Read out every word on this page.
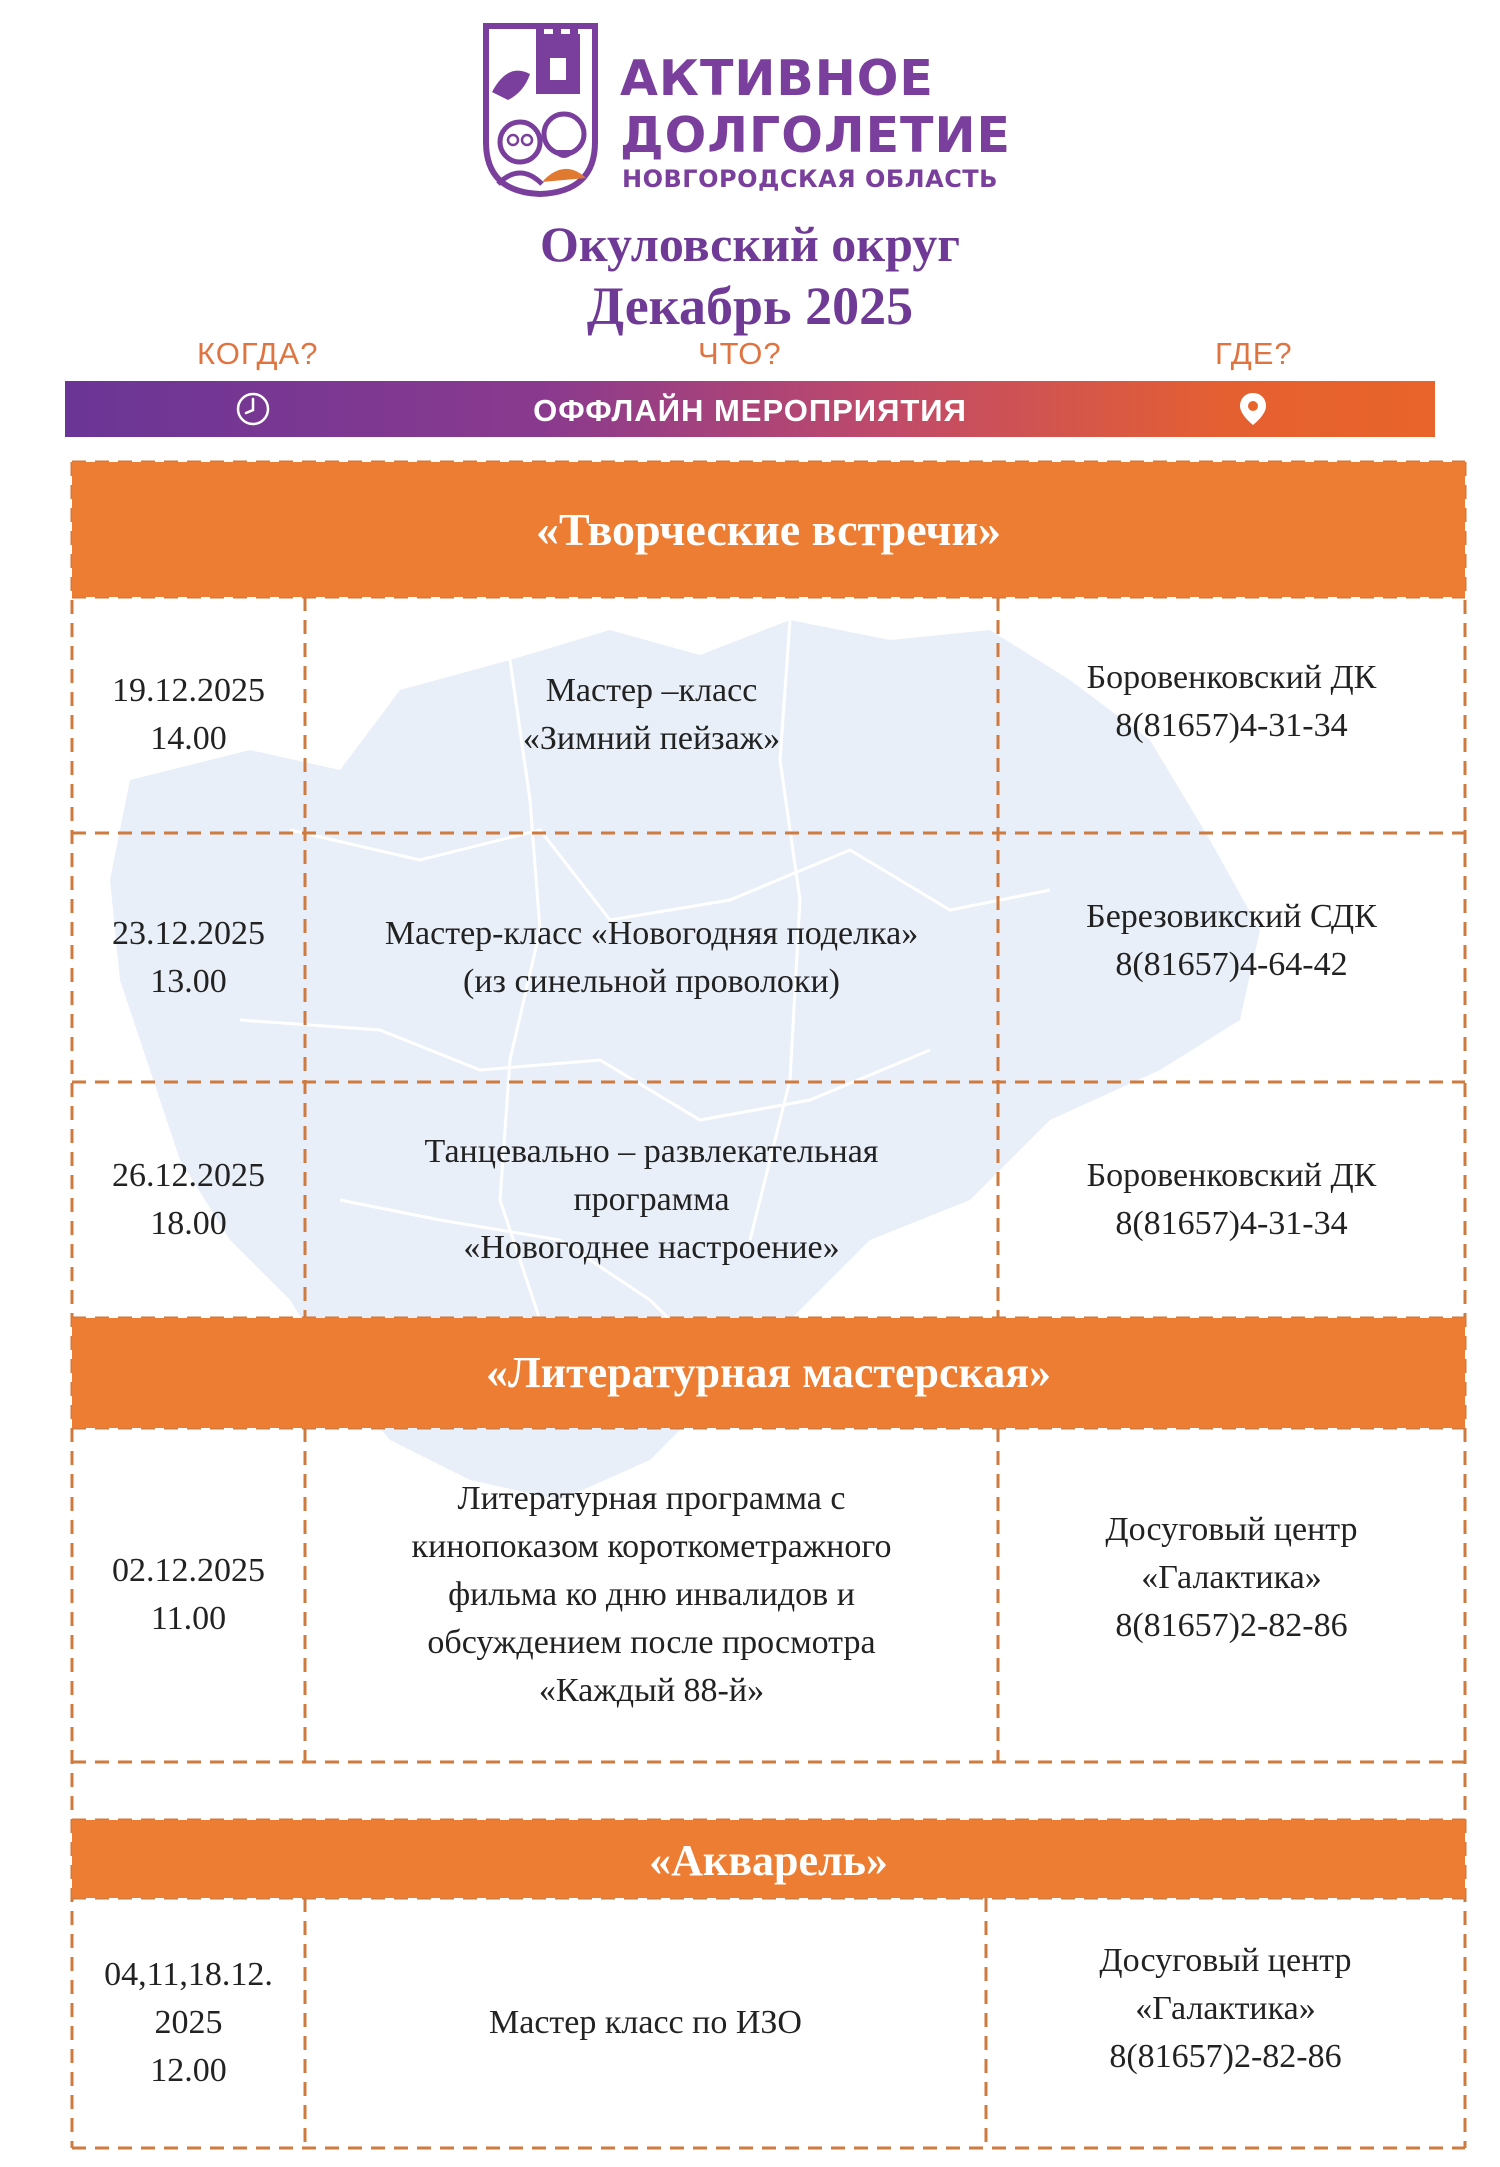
АКТИВНОЕ
ДОЛГОЛЕТИЕ
НОВГОРОДСКАЯ ОБЛАСТЬ
Окуловский округ
Декабрь 2025
КОГДА?	ЧТО?	ГДЕ?
ОФФЛАЙН МЕРОПРИЯТИЯ
«Творческие встречи»
«Литературная мастерская»
«Акварель»
19.12.2025
14.00
Мастер –класс
«Зимний пейзаж»
Боровенковский ДК
8(81657)4-31-34
23.12.2025
13.00
Мастер-класс «Новогодняя поделка»
(из синельной проволоки)
Березовикский СДК
8(81657)4-64-42
26.12.2025
18.00
Танцевально – развлекательная
программа
«Новогоднее настроение»
Боровенковский ДК
8(81657)4-31-34
02.12.2025
11.00
Литературная программа с
кинопоказом короткометражного
фильма ко дню инвалидов и
обсуждением после просмотра
«Каждый 88-й»
Досуговый центр
«Галактика»
8(81657)2-82-86
04,11,18.12.
2025
12.00
Мастер класс по ИЗО
Досуговый центр
«Галактика»
8(81657)2-82-86
